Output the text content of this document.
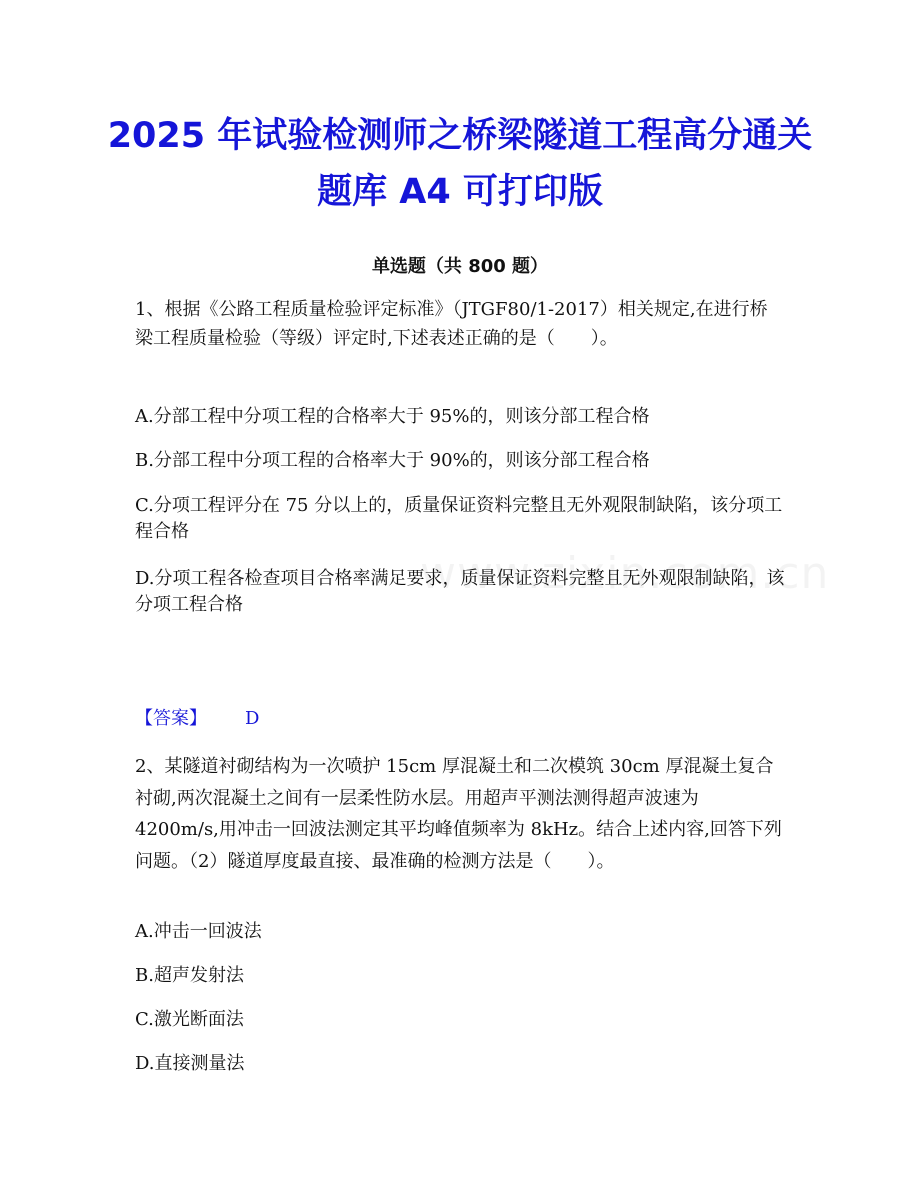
2025 年试验检测师之桥梁隧道工程高分通关题库 A4 可打印版
单选题（共 800 题）
1、根据《公路工程质量检验评定标准》（JTGF80/1-2017）相关规定,在进行桥梁工程质量检验（等级）评定时,下述表述正确的是（　　）。
A.分部工程中分项工程的合格率大于 95%的，则该分部工程合格
B.分部工程中分项工程的合格率大于 90%的，则该分部工程合格
C.分项工程评分在 75 分以上的，质量保证资料完整且无外观限制缺陷，该分项工程合格
D.分项工程各检查项目合格率满足要求，质量保证资料完整且无外观限制缺陷，该分项工程合格
【答案】 D
2、某隧道衬砌结构为一次喷护 15cm 厚混凝土和二次模筑 30cm 厚混凝土复合衬砌,两次混凝土之间有一层柔性防水层。用超声平测法测得超声波速为 4200m/s,用冲击一回波法测定其平均峰值频率为 8kHz。结合上述内容,回答下列问题。（2）隧道厚度最直接、最准确的检测方法是（　　）。
A.冲击一回波法
B.超声发射法
C.激光断面法
D.直接测量法
